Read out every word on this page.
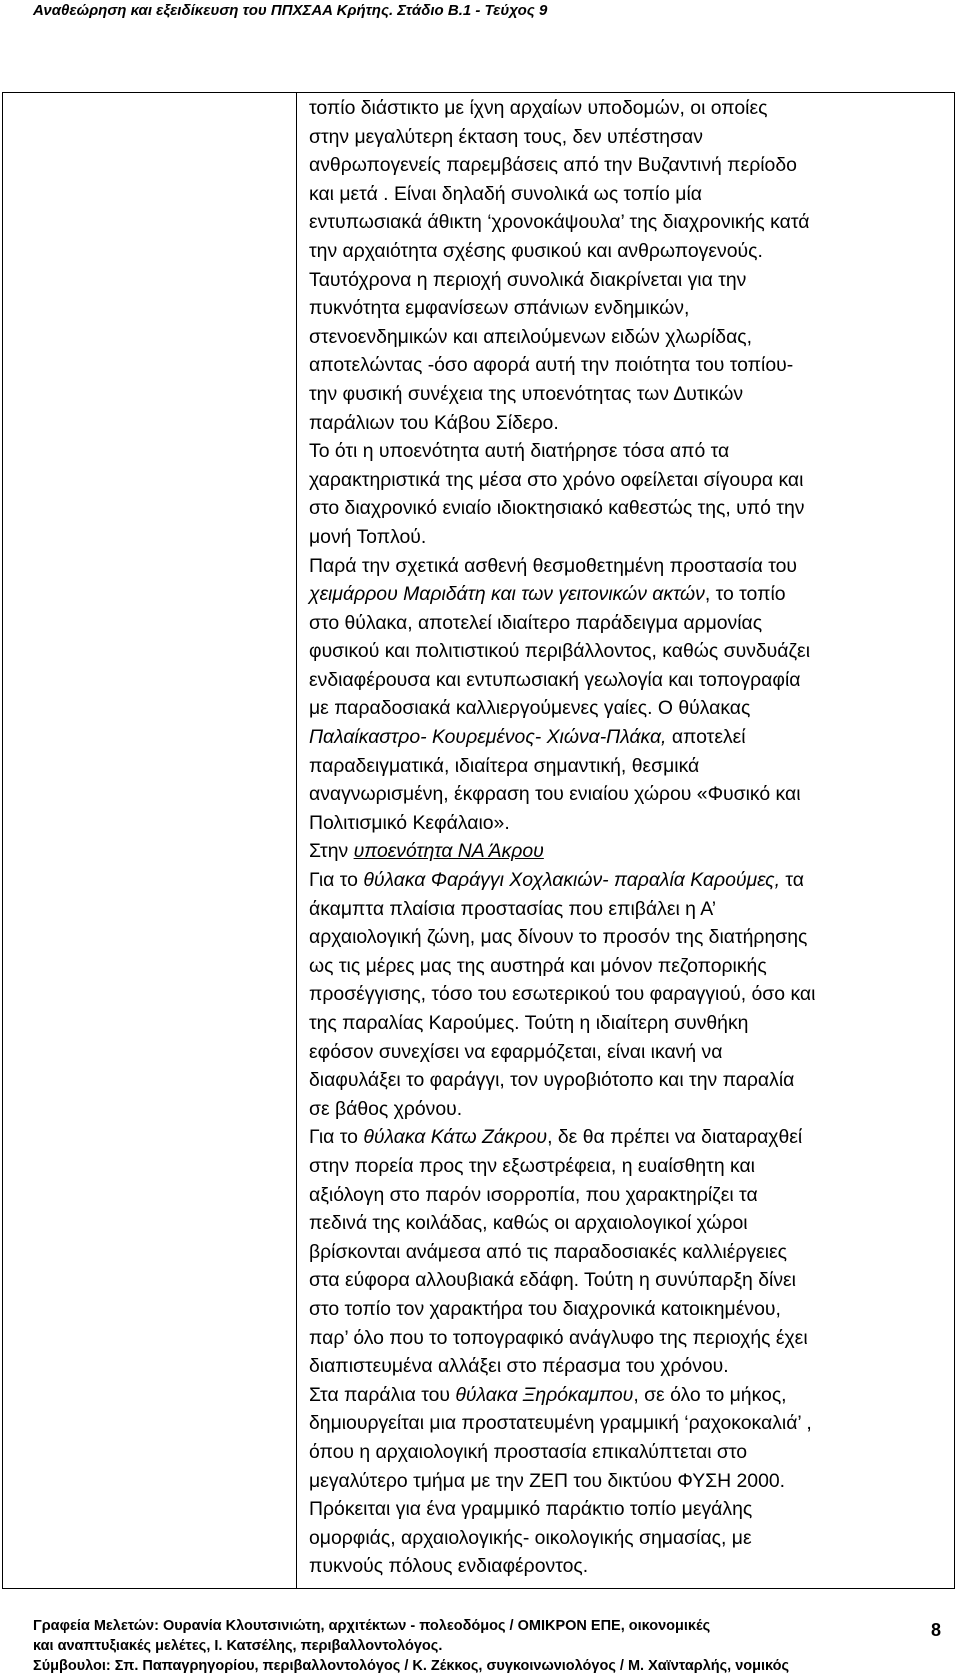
Αναθεώρηση και εξειδίκευση του ΠΠΧΣΑΑ Κρήτης. Στάδιο Β.1 - Τεύχος 9

τοπίο διάστικτο με ίχνη αρχαίων υποδομών, οι οποίες
στην μεγαλύτερη έκταση τους, δεν υπέστησαν
ανθρωπογενείς παρεμβάσεις από την Βυζαντινή περίοδο
και μετά . Είναι δηλαδή συνολικά ως τοπίο μία
εντυπωσιακά άθικτη ‘χρονοκάψουλα’ της διαχρονικής κατά
την αρχαιότητα σχέσης φυσικού και ανθρωπογενούς.
Ταυτόχρονα η περιοχή συνολικά διακρίνεται για την
πυκνότητα εμφανίσεων σπάνιων ενδημικών,
στενοενδημικών και απειλούμενων ειδών χλωρίδας,
αποτελώντας -όσο αφορά αυτή την ποιότητα του τοπίου-
την φυσική συνέχεια της υποενότητας των Δυτικών
παράλιων του Κάβου Σίδερο.

Το ότι η υποενότητα αυτή διατήρησε τόσα από τα
χαρακτηριστικά της μέσα στο χρόνο οφείλεται σίγουρα και
στο διαχρονικό ενιαίο ιδιοκτησιακό καθεστώς της, υπό την
μονή Τοπλού.

Παρά την σχετικά ασθενή θεσμοθετημένη προστασία του
χειμάρρου Μαριδάτη και των γειτονικών ακτών, το τοπίο
στο θύλακα, αποτελεί ιδιαίτερο παράδειγμα αρμονίας
φυσικού και πολιτιστικού περιβάλλοντος, καθώς συνδυάζει
ενδιαφέρουσα και εντυπωσιακή γεωλογία και τοπογραφία
με παραδοσιακά καλλιεργούμενες γαίες. Ο θύλακας
Παλαίκαστρο- Κουρεμένος- Χιώνα-Πλάκα, αποτελεί
παραδειγματικά, ιδιαίτερα σημαντική, θεσμικά
αναγνωρισμένη, έκφραση του ενιαίου χώρου «Φυσικό και
Πολιτισμικό Κεφάλαιο».

Στην υποενότητα ΝΑ Άκρου

Για το θύλακα Φαράγγι Χοχλακιών- παραλία Καρούμες, τα
άκαμπτα πλαίσια προστασίας που επιβάλει η Α’
αρχαιολογική ζώνη, μας δίνουν το προσόν της διατήρησης
ως τις μέρες μας της αυστηρά και μόνον πεζοπορικής
προσέγγισης, τόσο του εσωτερικού του φαραγγιού, όσο και
της παραλίας Καρούμες. Τούτη η ιδιαίτερη συνθήκη
εφόσον συνεχίσει να εφαρμόζεται, είναι ικανή να
διαφυλάξει το φαράγγι, τον υγροβιότοπο και την παραλία
σε βάθος χρόνου.

Για το θύλακα Κάτω Ζάκρου, δε θα πρέπει να διαταραχθεί
στην πορεία προς την εξωστρέφεια, η ευαίσθητη και
αξιόλογη στο παρόν ισορροπία, που χαρακτηρίζει τα
πεδινά της κοιλάδας, καθώς οι αρχαιολογικοί χώροι
βρίσκονται ανάμεσα από τις παραδοσιακές καλλιέργειες
στα εύφορα αλλουβιακά εδάφη. Τούτη η συνύπαρξη δίνει
στο τοπίο τον χαρακτήρα του διαχρονικά κατοικημένου,
παρ’ όλο που το τοπογραφικό ανάγλυφο της περιοχής έχει
διαπιστευμένα αλλάξει στο πέρασμα του χρόνου.

Στα παράλια του θύλακα Ξηρόκαμπου, σε όλο το μήκος,
δημιουργείται μια προστατευμένη γραμμική ‘ραχοκοκαλιά’ ,
όπου η αρχαιολογική προστασία επικαλύπτεται στο
μεγαλύτερο τμήμα με την ΖΕΠ του δικτύου ΦΥΣΗ 2000.
Πρόκειται για ένα γραμμικό παράκτιο τοπίο μεγάλης
ομορφιάς, αρχαιολογικής- οικολογικής σημασίας, με
πυκνούς πόλους ενδιαφέροντος.

Γραφεία Μελετών: Ουρανία Κλουτσινιώτη, αρχιτέκτων - πολεοδόμος / ΟΜΙΚΡΟΝ ΕΠΕ, οικονομικές
και αναπτυξιακές μελέτες, Ι. Κατσέλης, περιβαλλοντολόγος.
Σύμβουλοι: Σπ. Παπαγρηγορίου, περιβαλλοντολόγος / Κ. Ζέκκος, συγκοινωνιολόγος / Μ. Χαϊνταρλής, νομικός
8
